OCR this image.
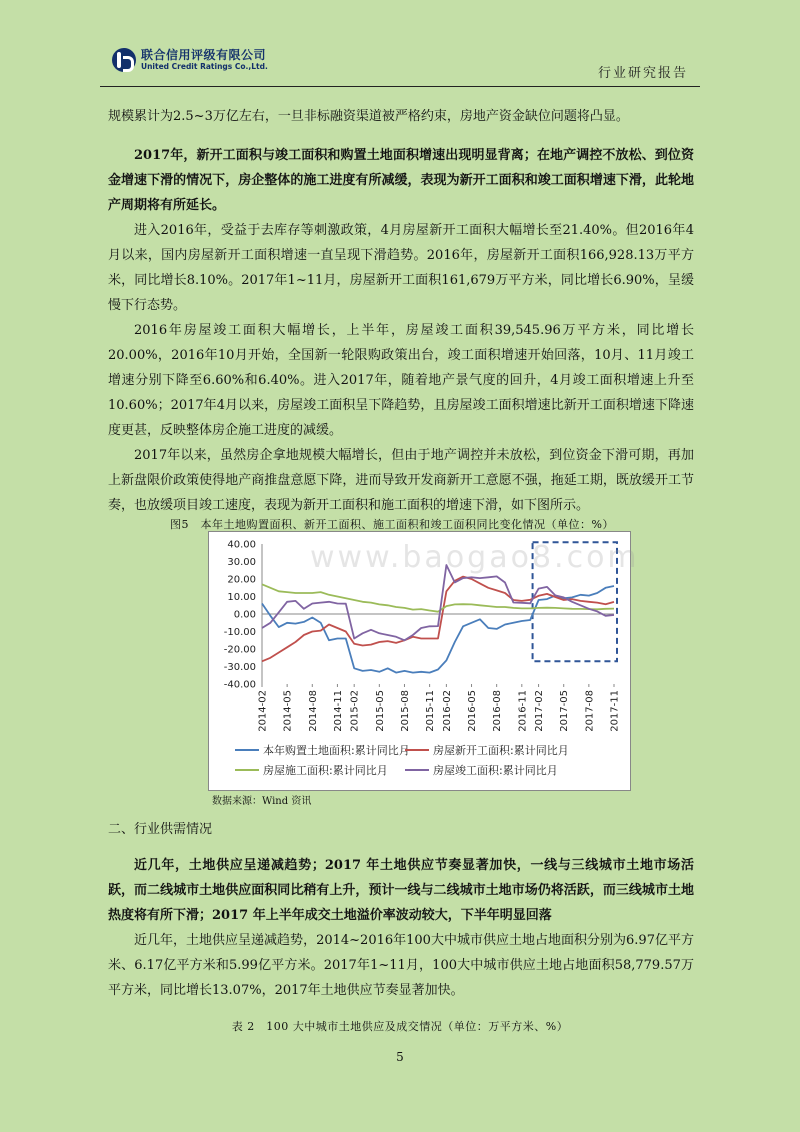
联合信用评级有限公司
United Credit Ratings Co.,Ltd.	行业研究报告

规模累计为2.5~3万亿左右，一旦非标融资渠道被严格约束，房地产资金缺位问题将凸显。

2017年，新开工面积与竣工面积和购置土地面积增速出现明显背离；在地产调控不放松、到位资金增速下滑的情况下，房企整体的施工进度有所减缓，表现为新开工面积和竣工面积增速下滑，此轮地产周期将有所延长。

进入2016年，受益于去库存等刺激政策，4月房屋新开工面积大幅增长至21.40%。但2016年4月以来，国内房屋新开工面积增速一直呈现下滑趋势。2016年，房屋新开工面积166,928.13万平方米，同比增长8.10%。2017年1~11月，房屋新开工面积161,679万平方米，同比增长6.90%，呈缓慢下行态势。

2016年房屋竣工面积大幅增长，上半年，房屋竣工面积39,545.96万平方米，同比增长20.00%，2016年10月开始，全国新一轮限购政策出台，竣工面积增速开始回落，10月、11月竣工增速分别下降至6.60%和6.40%。进入2017年，随着地产景气度的回升，4月竣工面积增速上升至10.60%；2017年4月以来，房屋竣工面积呈下降趋势，且房屋竣工面积增速比新开工面积增速下降速度更甚，反映整体房企施工进度的减缓。

2017年以来，虽然房企拿地规模大幅增长，但由于地产调控并未放松，到位资金下滑可期，再加上新盘限价政策使得地产商推盘意愿下降，进而导致开发商新开工意愿不强，拖延工期，既放缓开工节奏，也放缓项目竣工速度，表现为新开工面积和施工面积的增速下滑，如下图所示。

图5　本年土地购置面积、新开工面积、施工面积和竣工面积同比变化情况（单位：%）
40.00
30.00
20.00
10.00
0.00
-10.00
-20.00
-30.00
-40.00
2014-02 2014-05 2014-08 2014-11 2015-02 2015-05 2015-08 2015-11 2016-02 2016-05 2016-08 2016-11 2017-02 2017-05 2017-08 2017-11
本年购置土地面积:累计同比月 房屋新开工面积:累计同比月
房屋施工面积:累计同比月	房屋竣工面积:累计同比月
www.baogao8.com
数据来源：Wind 资讯
二、行业供需情况

近几年，土地供应呈递减趋势；2017 年土地供应节奏显著加快，一线与三线城市土地市场活跃，而二线城市土地供应面积同比稍有上升，预计一线与二线城市土地市场仍将活跃，而三线城市土地热度将有所下滑；2017 年上半年成交土地溢价率波动较大，下半年明显回落

近几年，土地供应呈递减趋势，2014~2016年100大中城市供应土地占地面积分别为6.97亿平方米、6.17亿平方米和5.99亿平方米。2017年1~11月，100大中城市供应土地占地面积58,779.57万平方米，同比增长13.07%，2017年土地供应节奏显著加快。

表 2　100 大中城市土地供应及成交情况（单位：万平方米、%）
5
